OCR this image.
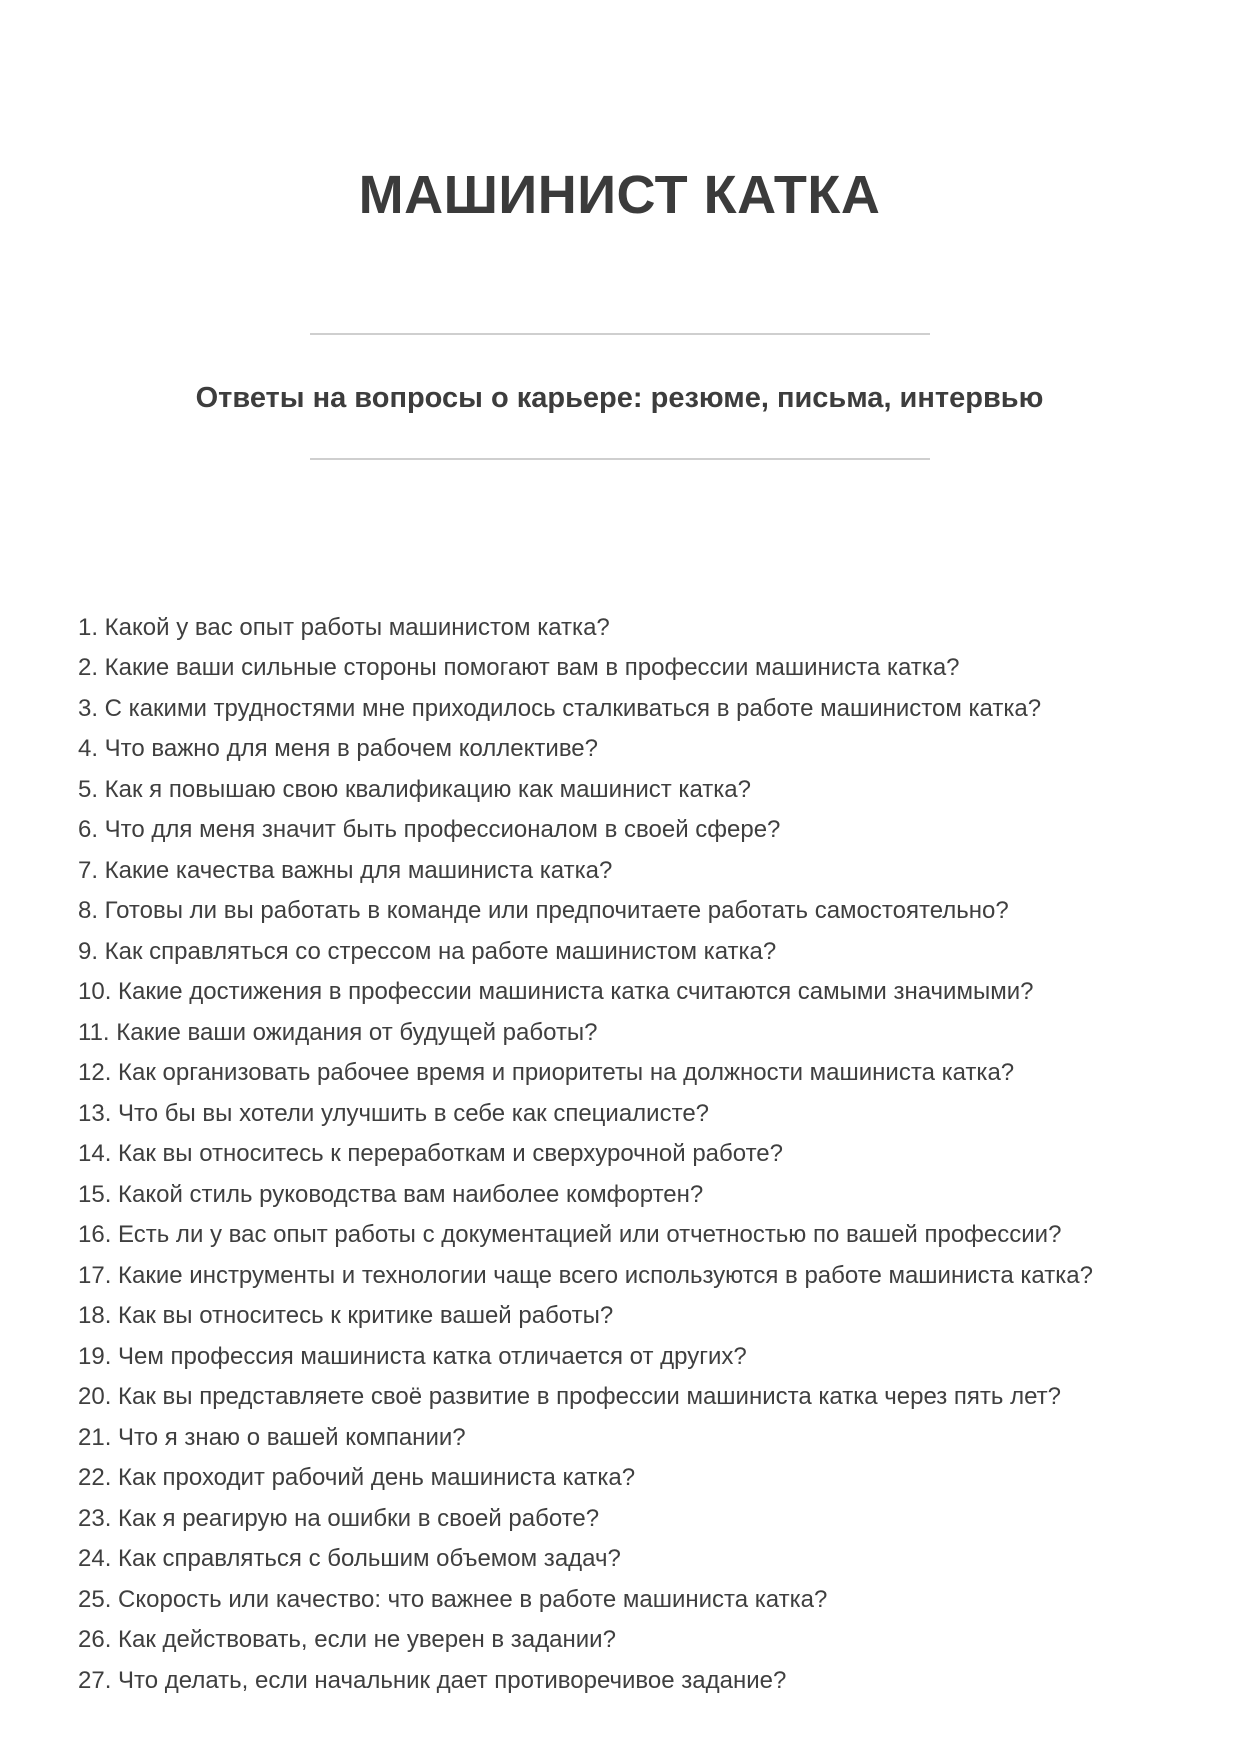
МАШИНИСТ КАТКА
Ответы на вопросы о карьере: резюме, письма, интервью
1. Какой у вас опыт работы машинистом катка?
2. Какие ваши сильные стороны помогают вам в профессии машиниста катка?
3. С какими трудностями мне приходилось сталкиваться в работе машинистом катка?
4. Что важно для меня в рабочем коллективе?
5. Как я повышаю свою квалификацию как машинист катка?
6. Что для меня значит быть профессионалом в своей сфере?
7. Какие качества важны для машиниста катка?
8. Готовы ли вы работать в команде или предпочитаете работать самостоятельно?
9. Как справляться со стрессом на работе машинистом катка?
10. Какие достижения в профессии машиниста катка считаются самыми значимыми?
11. Какие ваши ожидания от будущей работы?
12. Как организовать рабочее время и приоритеты на должности машиниста катка?
13. Что бы вы хотели улучшить в себе как специалисте?
14. Как вы относитесь к переработкам и сверхурочной работе?
15. Какой стиль руководства вам наиболее комфортен?
16. Есть ли у вас опыт работы с документацией или отчетностью по вашей профессии?
17. Какие инструменты и технологии чаще всего используются в работе машиниста катка?
18. Как вы относитесь к критике вашей работы?
19. Чем профессия машиниста катка отличается от других?
20. Как вы представляете своё развитие в профессии машиниста катка через пять лет?
21. Что я знаю о вашей компании?
22. Как проходит рабочий день машиниста катка?
23. Как я реагирую на ошибки в своей работе?
24. Как справляться с большим объемом задач?
25. Скорость или качество: что важнее в работе машиниста катка?
26. Как действовать, если не уверен в задании?
27. Что делать, если начальник дает противоречивое задание?
